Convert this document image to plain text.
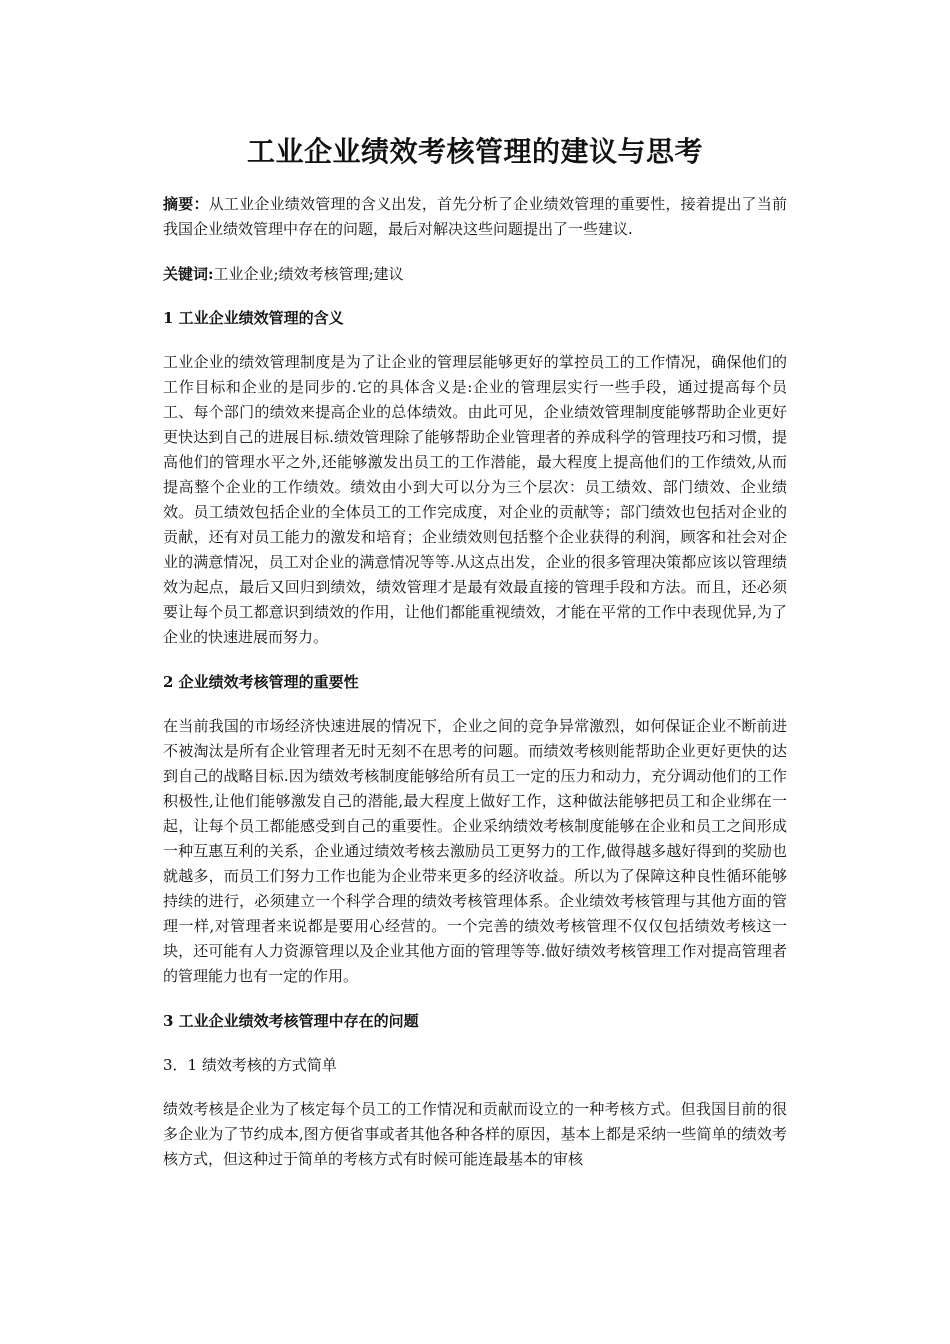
工业企业绩效考核管理的建议与思考

摘要：从工业企业绩效管理的含义出发，首先分析了企业绩效管理的重要性，接着提出了当前我国企业绩效管理中存在的问题，最后对解决这些问题提出了一些建议.

关键词:工业企业;绩效考核管理;建议

1 工业企业绩效管理的含义

工业企业的绩效管理制度是为了让企业的管理层能够更好的掌控员工的工作情况，确保他们的工作目标和企业的是同步的.它的具体含义是:企业的管理层实行一些手段，通过提高每个员工、每个部门的绩效来提高企业的总体绩效。由此可见，企业绩效管理制度能够帮助企业更好更快达到自己的进展目标.绩效管理除了能够帮助企业管理者的养成科学的管理技巧和习惯，提高他们的管理水平之外,还能够激发出员工的工作潜能，最大程度上提高他们的工作绩效,从而提高整个企业的工作绩效。绩效由小到大可以分为三个层次：员工绩效、部门绩效、企业绩效。员工绩效包括企业的全体员工的工作完成度，对企业的贡献等；部门绩效也包括对企业的贡献，还有对员工能力的激发和培育；企业绩效则包括整个企业获得的利润，顾客和社会对企业的满意情况，员工对企业的满意情况等等.从这点出发，企业的很多管理决策都应该以管理绩效为起点，最后又回归到绩效，绩效管理才是最有效最直接的管理手段和方法。而且，还必须要让每个员工都意识到绩效的作用，让他们都能重视绩效，才能在平常的工作中表现优异,为了企业的快速进展而努力。

2 企业绩效考核管理的重要性

在当前我国的市场经济快速进展的情况下，企业之间的竞争异常激烈，如何保证企业不断前进不被淘汰是所有企业管理者无时无刻不在思考的问题。而绩效考核则能帮助企业更好更快的达到自己的战略目标.因为绩效考核制度能够给所有员工一定的压力和动力，充分调动他们的工作积极性,让他们能够激发自己的潜能,最大程度上做好工作，这种做法能够把员工和企业绑在一起，让每个员工都能感受到自己的重要性。企业采纳绩效考核制度能够在企业和员工之间形成一种互惠互利的关系，企业通过绩效考核去激励员工更努力的工作,做得越多越好得到的奖励也就越多，而员工们努力工作也能为企业带来更多的经济收益。所以为了保障这种良性循环能够持续的进行，必须建立一个科学合理的绩效考核管理体系。企业绩效考核管理与其他方面的管理一样,对管理者来说都是要用心经营的。一个完善的绩效考核管理不仅仅包括绩效考核这一块，还可能有人力资源管理以及企业其他方面的管理等等.做好绩效考核管理工作对提高管理者的管理能力也有一定的作用。

3 工业企业绩效考核管理中存在的问题

3．1 绩效考核的方式简单

绩效考核是企业为了核定每个员工的工作情况和贡献而设立的一种考核方式。但我国目前的很多企业为了节约成本,图方便省事或者其他各种各样的原因，基本上都是采纳一些简单的绩效考核方式，但这种过于简单的考核方式有时候可能连最基本的审核
